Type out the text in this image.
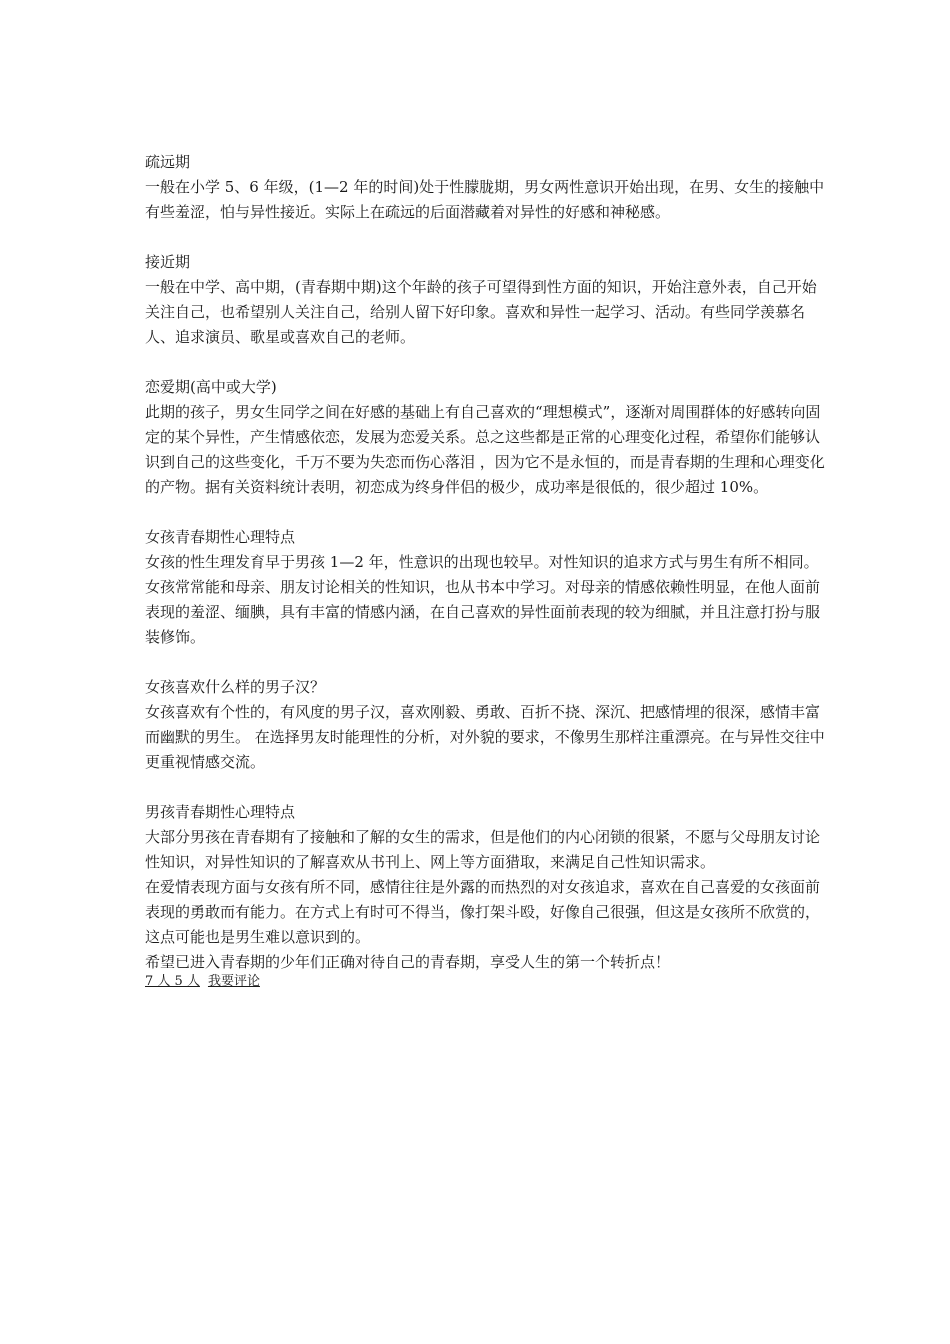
疏远期
一般在小学 5、6 年级，(1—2 年的时间)处于性朦胧期，男女两性意识开始出现，在男、女生的接触中有些羞涩，怕与异性接近。实际上在疏远的后面潜藏着对异性的好感和神秘感。
接近期
一般在中学、高中期，(青春期中期)这个年龄的孩子可望得到性方面的知识，开始注意外表，自己开始关注自己，也希望别人关注自己，给别人留下好印象。喜欢和异性一起学习、活动。有些同学羡慕名人、追求演员、歌星或喜欢自己的老师。
恋爱期(高中或大学)
此期的孩子，男女生同学之间在好感的基础上有自己喜欢的“理想模式”，逐渐对周围群体的好感转向固定的某个异性，产生情感依恋，发展为恋爱关系。总之这些都是正常的心理变化过程，希望你们能够认识到自己的这些变化，千万不要为失恋而伤心落泪 ，因为它不是永恒的，而是青春期的生理和心理变化的产物。据有关资料统计表明，初恋成为终身伴侣的极少，成功率是很低的，很少超过 10%。
女孩青春期性心理特点
女孩的性生理发育早于男孩 1—2 年，性意识的出现也较早。对性知识的追求方式与男生有所不相同。
女孩常常能和母亲、朋友讨论相关的性知识，也从书本中学习。对母亲的情感依赖性明显，在他人面前表现的羞涩、缅腆，具有丰富的情感内涵，在自己喜欢的异性面前表现的较为细腻，并且注意打扮与服装修饰。
女孩喜欢什么样的男子汉？
女孩喜欢有个性的，有风度的男子汉，喜欢刚毅、勇敢、百折不挠、深沉、把感情埋的很深，感情丰富而幽默的男生。 在选择男友时能理性的分析，对外貌的要求，不像男生那样注重漂亮。在与异性交往中更重视情感交流。
男孩青春期性心理特点
大部分男孩在青春期有了接触和了解的女生的需求，但是他们的内心闭锁的很紧，不愿与父母朋友讨论性知识，对异性知识的了解喜欢从书刊上、网上等方面猎取，来满足自己性知识需求。
在爱情表现方面与女孩有所不同，感情往往是外露的而热烈的对女孩追求，喜欢在自己喜爱的女孩面前表现的勇敢而有能力。在方式上有时可不得当，像打架斗殴，好像自己很强，但这是女孩所不欣赏的，这点可能也是男生难以意识到的。
希望已进入青春期的少年们正确对待自己的青春期，享受人生的第一个转折点！
7 人 5 人 我要评论
